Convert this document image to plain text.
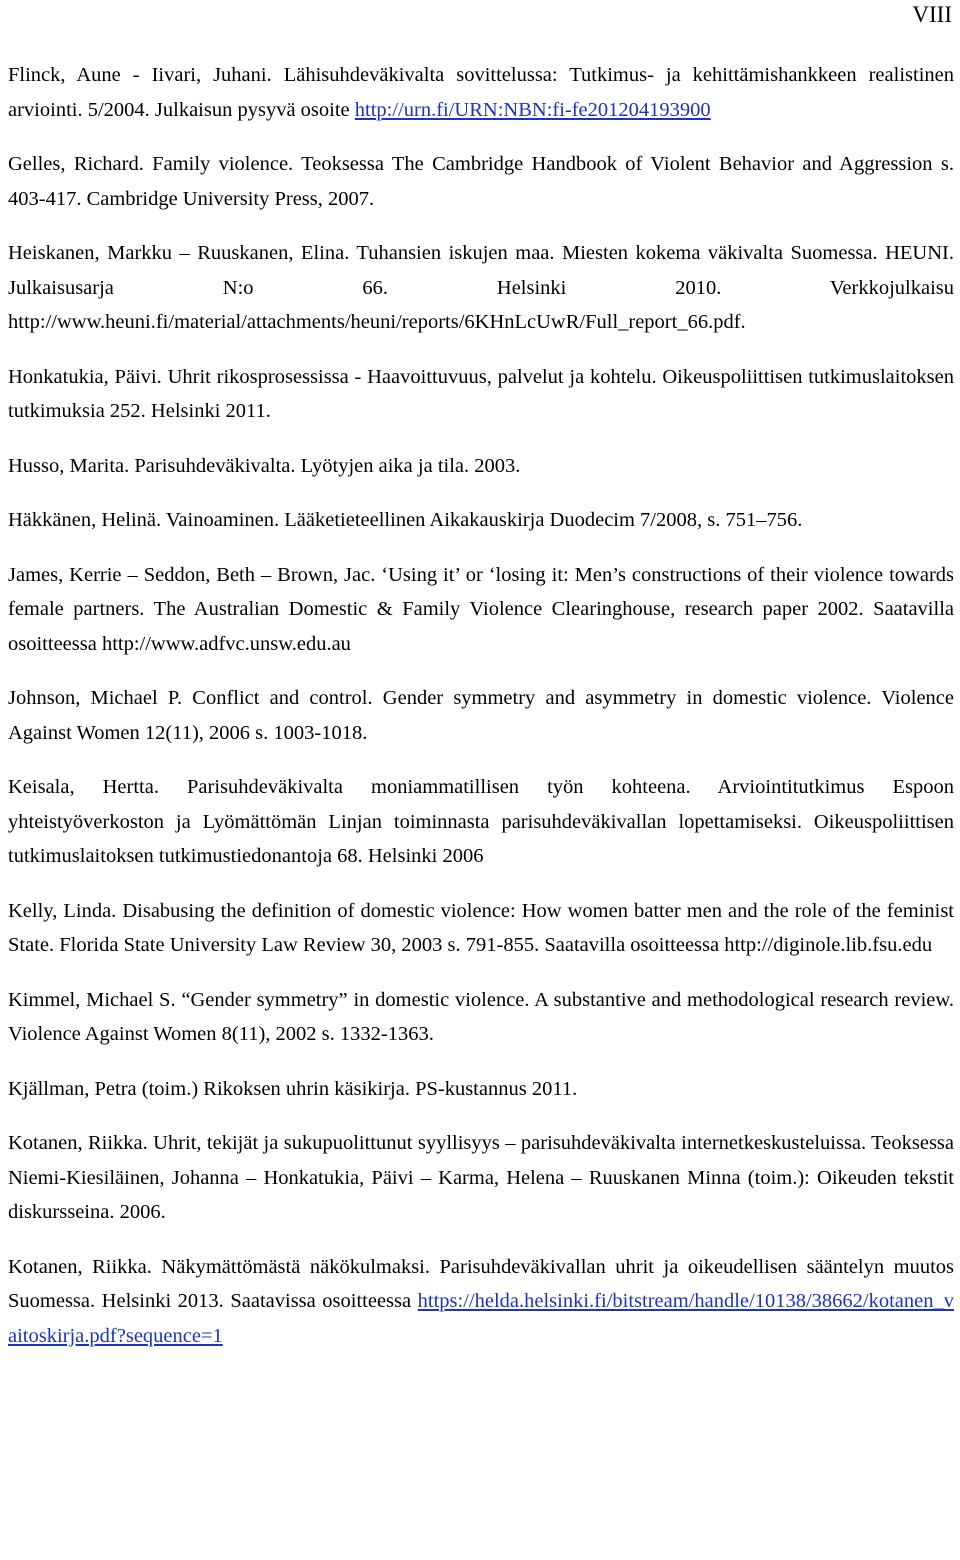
VIII

Flinck, Aune - Iivari, Juhani. Lähisuhdeväkivalta sovittelussa: Tutkimus- ja kehittämishankkeen realistinen arviointi. 5/2004. Julkaisun pysyvä osoite http://urn.fi/URN:NBN:fi-fe201204193900

Gelles, Richard. Family violence. Teoksessa The Cambridge Handbook of Violent Behavior and Aggression s. 403-417. Cambridge University Press, 2007.

Heiskanen, Markku – Ruuskanen, Elina. Tuhansien iskujen maa. Miesten kokema väkivalta Suomessa. HEUNI. Julkaisusarja N:o 66. Helsinki 2010. Verkkojulkaisu http://www.heuni.fi/material/attachments/heuni/reports/6KHnLcUwR/Full_report_66.pdf.

Honkatukia, Päivi. Uhrit rikosprosessissa - Haavoittuvuus, palvelut ja kohtelu. Oikeuspoliittisen tutkimuslaitoksen tutkimuksia 252. Helsinki 2011.

Husso, Marita. Parisuhdeväkivalta. Lyötyjen aika ja tila. 2003.

Häkkänen, Helinä. Vainoaminen. Lääketieteellinen Aikakauskirja Duodecim 7/2008, s. 751–756.

James, Kerrie – Seddon, Beth – Brown, Jac. ‘Using it’ or ‘losing it: Men’s constructions of their violence towards female partners. The Australian Domestic & Family Violence Clearinghouse, research paper 2002. Saatavilla osoitteessa http://www.adfvc.unsw.edu.au

Johnson, Michael P. Conflict and control. Gender symmetry and asymmetry in domestic violence. Violence Against Women 12(11), 2006 s. 1003-1018.

Keisala, Hertta. Parisuhdeväkivalta moniammatillisen työn kohteena. Arviointitutkimus Espoon yhteistyöverkoston ja Lyömättömän Linjan toiminnasta parisuhdeväkivallan lopettamiseksi. Oikeuspoliittisen tutkimuslaitoksen tutkimustiedonantoja 68. Helsinki 2006

Kelly, Linda. Disabusing the definition of domestic violence: How women batter men and the role of the feminist State. Florida State University Law Review 30, 2003 s. 791-855. Saatavilla osoitteessa http://diginole.lib.fsu.edu

Kimmel, Michael S. “Gender symmetry” in domestic violence. A substantive and methodological research review. Violence Against Women 8(11), 2002 s. 1332-1363.

Kjällman, Petra (toim.) Rikoksen uhrin käsikirja. PS-kustannus 2011.

Kotanen, Riikka. Uhrit, tekijät ja sukupuolittunut syyllisyys – parisuhdeväkivalta internetkeskusteluissa. Teoksessa Niemi-Kiesiläinen, Johanna – Honkatukia, Päivi – Karma, Helena – Ruuskanen Minna (toim.): Oikeuden tekstit diskursseina. 2006.

Kotanen, Riikka. Näkymättömästä näkökulmaksi. Parisuhdeväkivallan uhrit ja oikeudellisen sääntelyn muutos Suomessa. Helsinki 2013. Saatavissa osoitteessa https://helda.helsinki.fi/bitstream/handle/10138/38662/kotanen_vaitoskirja.pdf?sequence=1
